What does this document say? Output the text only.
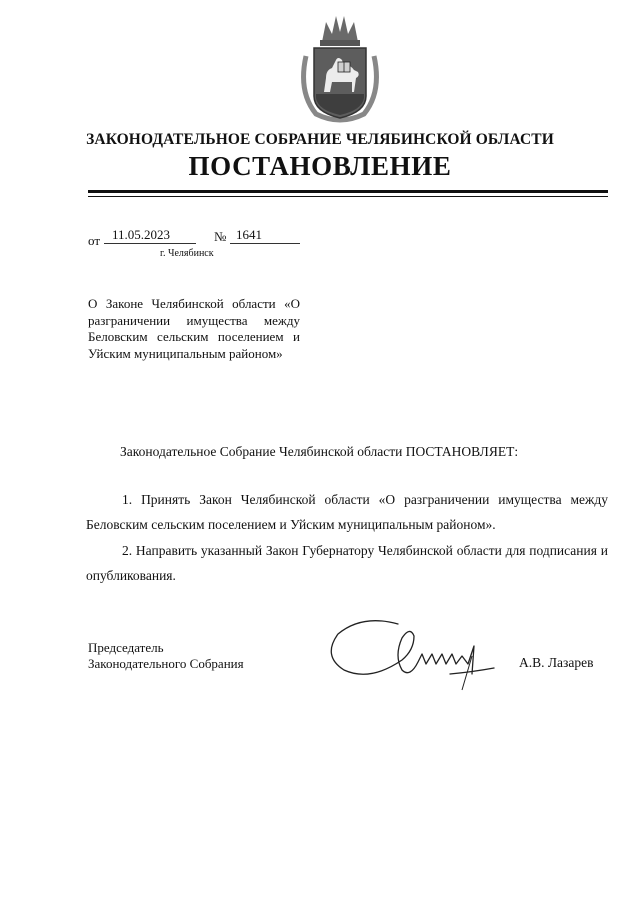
ЗАКОНОДАТЕЛЬНОЕ СОБРАНИЕ ЧЕЛЯБИНСКОЙ ОБЛАСТИ
ПОСТАНОВЛЕНИЕ
от 11.05.2023	№ 1641
г. Челябинск
О Законе Челябинской области «О разграничении имущества между Беловским сельским поселением и Уйским муниципальным районом»
Законодательное Собрание Челябинской области ПОСТАНОВЛЯЕТ:
1. Принять Закон Челябинской области «О разграничении имущества между Беловским сельским поселением и Уйским муниципальным районом».
2. Направить указанный Закон Губернатору Челябинской области для подписания и опубликования.
Председатель
Законодательного Собрания	А.В. Лазарев
